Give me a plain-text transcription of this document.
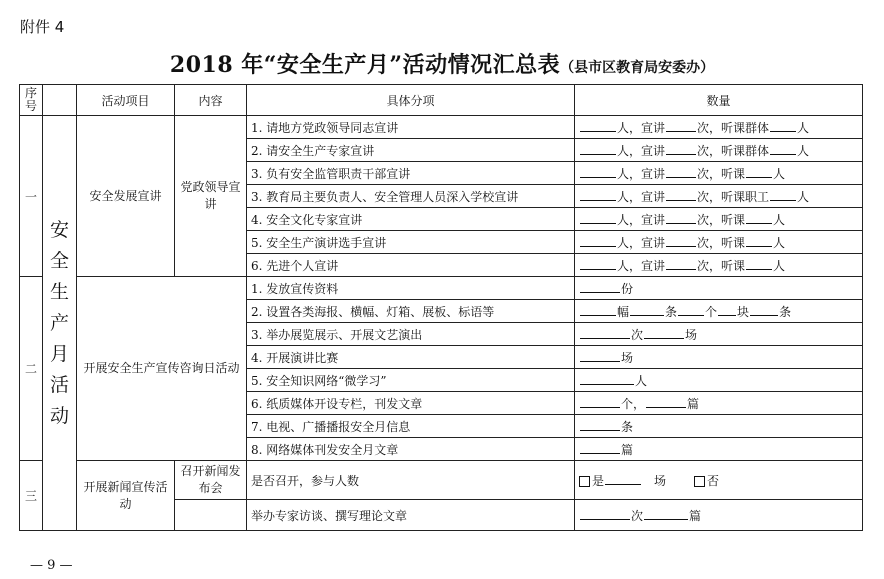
附件 4
2018 年“安全生产月”活动情况汇总表（县市区教育局安委办）
序号		活动项目	内容	具体分项	数量
一	安全生产月活动	安全发展宣讲	党政领导宣讲	1. 请地方党政领导同志宣讲	人，宣讲 次，听课群体 人
				2. 请安全生产专家宣讲	人，宣讲 次，听课群体 人
				3. 负有安全监管职责干部宣讲	人，宣讲 次，听课 人
				3. 教育局主要负责人、安全管理人员深入学校宣讲	人，宣讲 次，听课职工 人
				4. 安全文化专家宣讲	人，宣讲 次，听课 人
				5. 安全生产演讲选手宣讲	人，宣讲 次，听课 人
				6. 先进个人宣讲	人，宣讲 次，听课 人
二		开展安全生产宣传咨询日活动		1. 发放宣传资料	份
				2. 设置各类海报、横幅、灯箱、展板、标语等	幅 条 个 块 条
				3. 举办展览展示、开展文艺演出	次 场
				4. 开展演讲比赛	场
				5. 安全知识网络“微学习”	人
				6. 纸质媒体开设专栏，刊发文章	个， 篇
				7. 电视、广播播报安全月信息	条
				8. 网络媒体刊发安全月文章	篇
三		开展新闻宣传活动	召开新闻发布会	是否召开，参与人数	是 场 否
				举办专家访谈、撰写理论文章	次 篇
— 9 —
